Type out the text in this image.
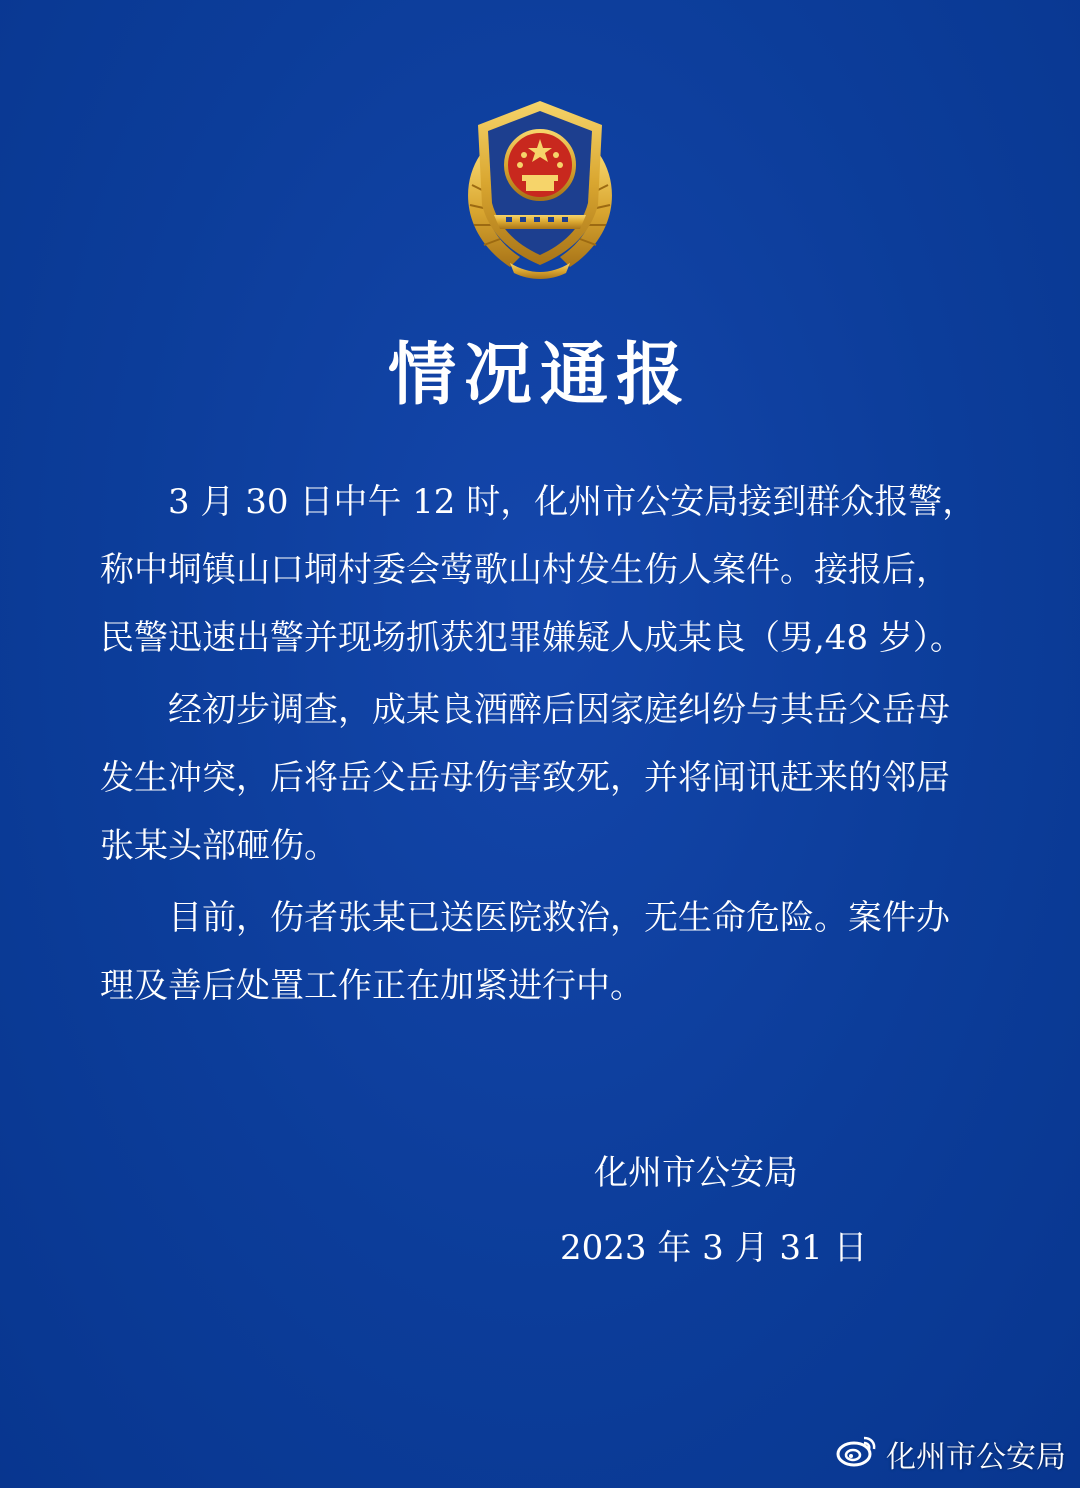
情况通报

3 月 30 日中午 12 时，化州市公安局接到群众报警，称中垌镇山口垌村委会莺歌山村发生伤人案件。接报后，民警迅速出警并现场抓获犯罪嫌疑人成某良（男,48 岁）。

经初步调查，成某良酒醉后因家庭纠纷与其岳父岳母发生冲突，后将岳父岳母伤害致死，并将闻讯赶来的邻居张某头部砸伤。

目前，伤者张某已送医院救治，无生命危险。案件办理及善后处置工作正在加紧进行中。

化州市公安局
2023 年 3 月 31 日
化州市公安局
